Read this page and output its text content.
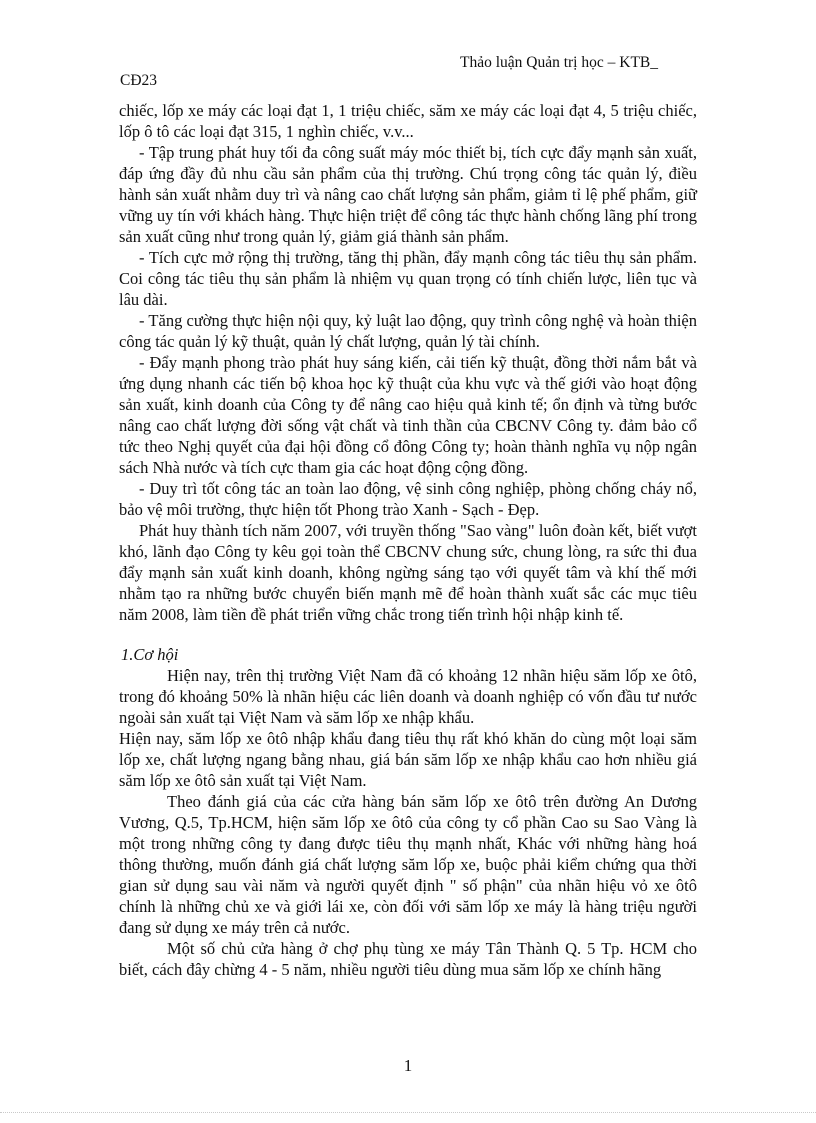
Thảo luận Quản trị học – KTB_
CĐ23

chiếc, lốp xe máy các loại đạt 1, 1 triệu chiếc, săm xe máy các loại đạt 4, 5 triệu chiếc, lốp ô tô các loại đạt 315, 1 nghìn chiếc, v.v...

- Tập trung phát huy tối đa công suất máy móc thiết bị, tích cực đẩy mạnh sản xuất, đáp ứng đầy đủ nhu cầu sản phẩm của thị trường. Chú trọng công tác quản lý, điều hành sản xuất nhằm duy trì và nâng cao chất lượng sản phẩm, giảm tỉ lệ phế phẩm, giữ vững uy tín với khách hàng. Thực hiện triệt để công tác thực hành chống lãng phí trong sản xuất cũng như trong quản lý, giảm giá thành sản phẩm.

- Tích cực mở rộng thị trường, tăng thị phần, đẩy mạnh công tác tiêu thụ sản phẩm. Coi công tác tiêu thụ sản phẩm là nhiệm vụ quan trọng có tính chiến lược, liên tục và lâu dài.

- Tăng cường thực hiện nội quy, kỷ luật lao động, quy trình công nghệ và hoàn thiện công tác quản lý kỹ thuật, quản lý chất lượng, quản lý tài chính.

- Đẩy mạnh phong trào phát huy sáng kiến, cải tiến kỹ thuật, đồng thời nắm bắt và ứng dụng nhanh các tiến bộ khoa học kỹ thuật của khu vực và thế giới vào hoạt động sản xuất, kinh doanh của Công ty để nâng cao hiệu quả kinh tế; ổn định và từng bước nâng cao chất lượng đời sống vật chất và tinh thần của CBCNV Công ty. đảm bảo cổ tức theo Nghị quyết của đại hội đồng cổ đông Công ty; hoàn thành nghĩa vụ nộp ngân sách Nhà nước và tích cực tham gia các hoạt động cộng đồng.

- Duy trì tốt công tác an toàn lao động, vệ sinh công nghiệp, phòng chống cháy nổ, bảo vệ môi trường, thực hiện tốt Phong trào Xanh - Sạch - Đẹp.

Phát huy thành tích năm 2007, với truyền thống "Sao vàng" luôn đoàn kết, biết vượt khó, lãnh đạo Công ty kêu gọi toàn thể CBCNV chung sức, chung lòng, ra sức thi đua đẩy mạnh sản xuất kinh doanh, không ngừng sáng tạo với quyết tâm và khí thế mới nhằm tạo ra những bước chuyển biến mạnh mẽ để hoàn thành xuất sắc các mục tiêu năm 2008, làm tiền đề phát triển vững chắc trong tiến trình hội nhập kinh tế.

1.Cơ hội

Hiện nay, trên thị trường Việt Nam đã có khoảng 12 nhãn hiệu săm lốp xe ôtô, trong đó khoảng 50% là nhãn hiệu các liên doanh và doanh nghiệp có vốn đầu tư nước ngoài sản xuất tại Việt Nam và săm lốp xe nhập khẩu.

Hiện nay, săm lốp xe ôtô nhập khẩu đang tiêu thụ rất khó khăn do cùng một loại săm lốp xe, chất lượng ngang bằng nhau, giá bán săm lốp xe nhập khẩu cao hơn nhiều giá săm lốp xe ôtô sản xuất tại Việt Nam.

Theo đánh giá của các cửa hàng bán săm lốp xe ôtô trên đường An Dương Vương, Q.5, Tp.HCM, hiện săm lốp xe ôtô của công ty cổ phần Cao su Sao Vàng là một trong những công ty đang được tiêu thụ mạnh nhất, Khác với những hàng hoá thông thường, muốn đánh giá chất lượng săm lốp xe, buộc phải kiểm chứng qua thời gian sử dụng sau vài năm và người quyết định " số phận" của nhãn hiệu vỏ xe ôtô chính là những chủ xe và giới lái xe, còn đối với săm lốp xe máy là hàng triệu người đang sử dụng xe máy trên cả nước.

Một số chủ cửa hàng ở chợ phụ tùng xe máy Tân Thành Q. 5 Tp. HCM cho biết, cách đây chừng 4 - 5 năm, nhiều người tiêu dùng mua săm lốp xe chính hãng

1
